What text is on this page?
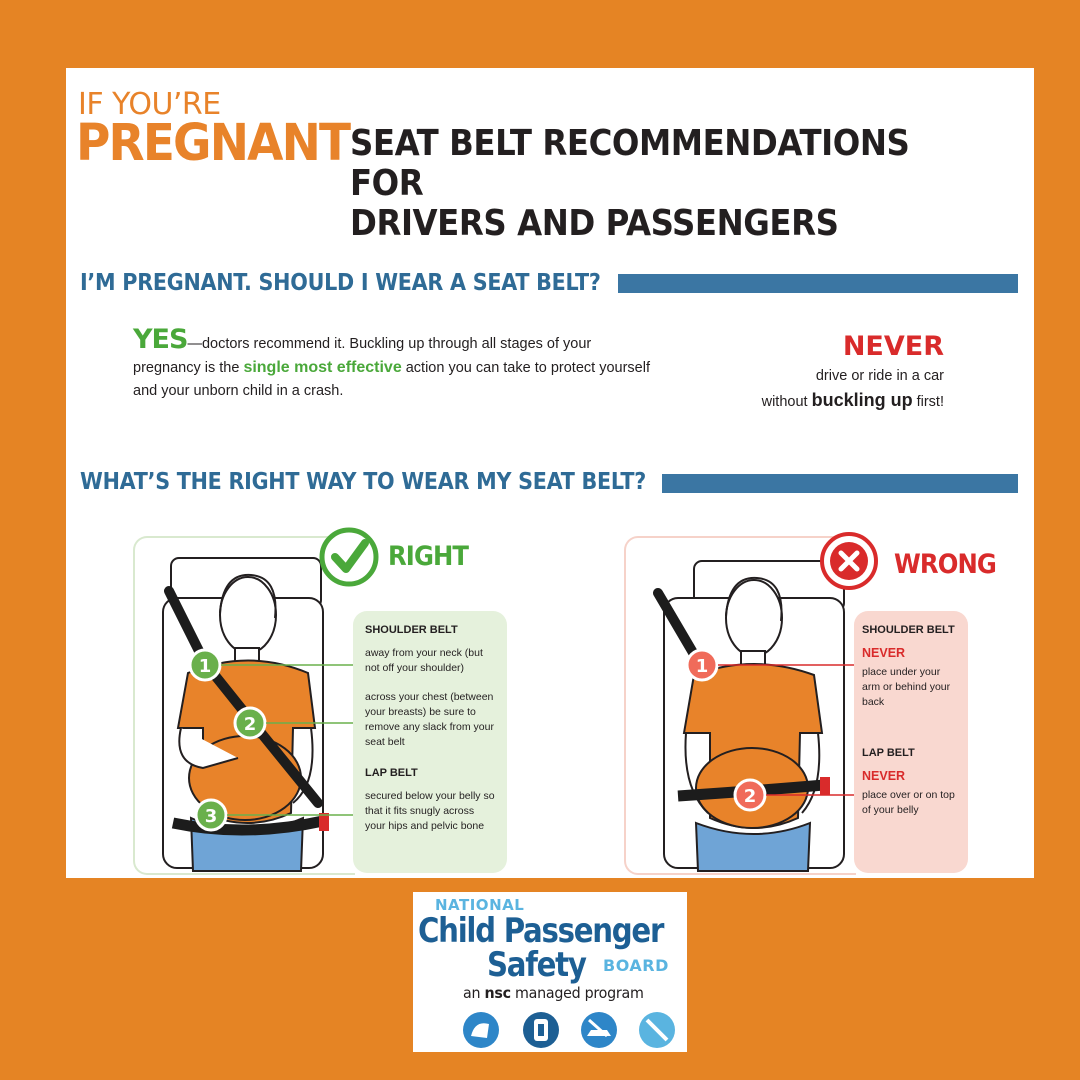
IF YOU’RE
PREGNANT SEAT BELT RECOMMENDATIONS FOR
DRIVERS AND PASSENGERS
I’M PREGNANT. SHOULD I WEAR A SEAT BELT?
YES—doctors recommend it. Buckling up through all stages of your pregnancy is the single most effective action you can take to protect yourself and your unborn child in a crash.
NEVER
drive or ride in a car
without buckling up first!
WHAT’S THE RIGHT WAY TO WEAR MY SEAT BELT?
1
2
3
RIGHT
SHOULDER BELT
away from your neck (but not off your shoulder)
across your chest (between your breasts) be sure to remove any slack from your seat belt
LAP BELT
secured below your belly so that it fits snugly across your hips and pelvic bone
1
2
WRONG
SHOULDER BELT
NEVER
place under your arm or behind your back
LAP BELT
NEVER
place over or on top of your belly
NATIONAL
Child Passenger
Safety BOARD
an nsc managed program
